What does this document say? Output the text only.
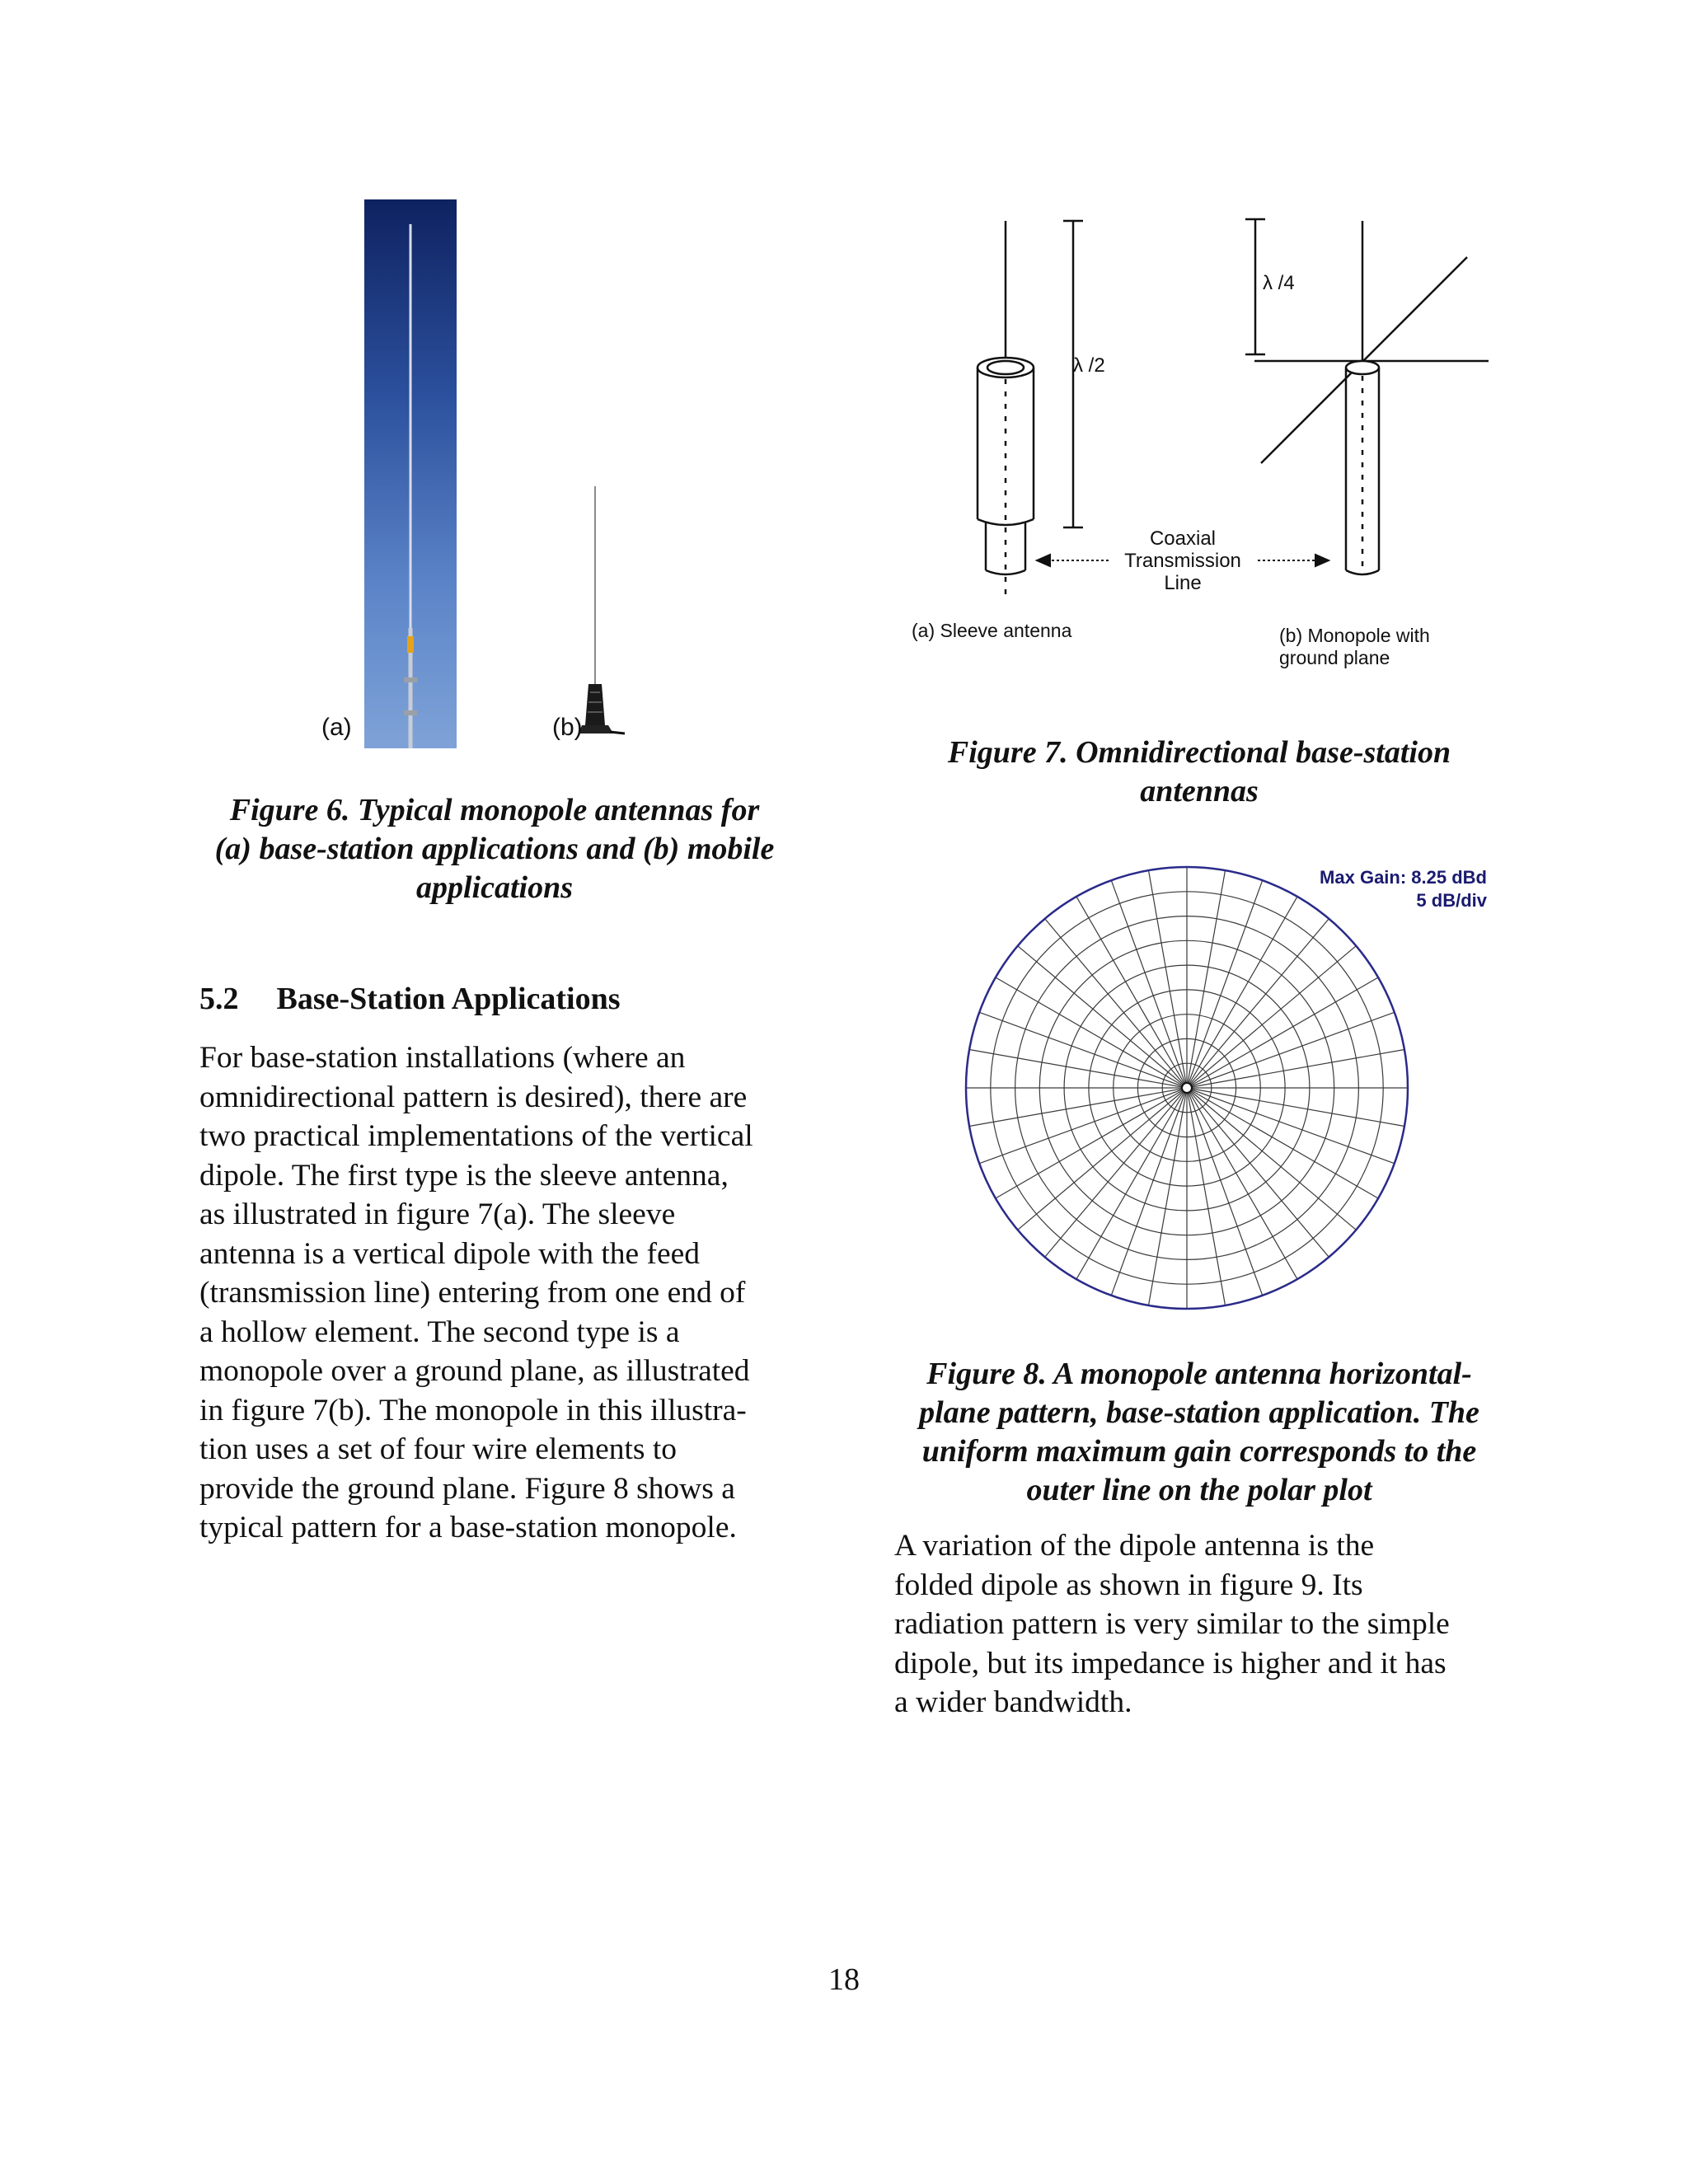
(a)	(b)
Figure 6. Typical monopole antennas for
(a) base-station applications and (b) mobile
applications
5.2 Base-Station Applications
For base-station installations (where an
omnidirectional pattern is desired), there are
two practical implementations of the vertical
dipole. The first type is the sleeve antenna,
as illustrated in figure 7(a). The sleeve
antenna is a vertical dipole with the feed
(transmission line) entering from one end of
a hollow element. The second type is a
monopole over a ground plane, as illustrated
in figure 7(b). The monopole in this illustra-
tion uses a set of four wire elements to
provide the ground plane. Figure 8 shows a
typical pattern for a base-station monopole.
λ /2
λ /4
Coaxial
Transmission
Line
(a) Sleeve antenna	(b) Monopole with
ground plane
Figure 7. Omnidirectional base-station
antennas
Max Gain: 8.25 dBd
5 dB/div
Figure 8. A monopole antenna horizontal-
plane pattern, base-station application. The
uniform maximum gain corresponds to the
outer line on the polar plot
A variation of the dipole antenna is the
folded dipole as shown in figure 9. Its
radiation pattern is very similar to the simple
dipole, but its impedance is higher and it has
a wider bandwidth.
18
